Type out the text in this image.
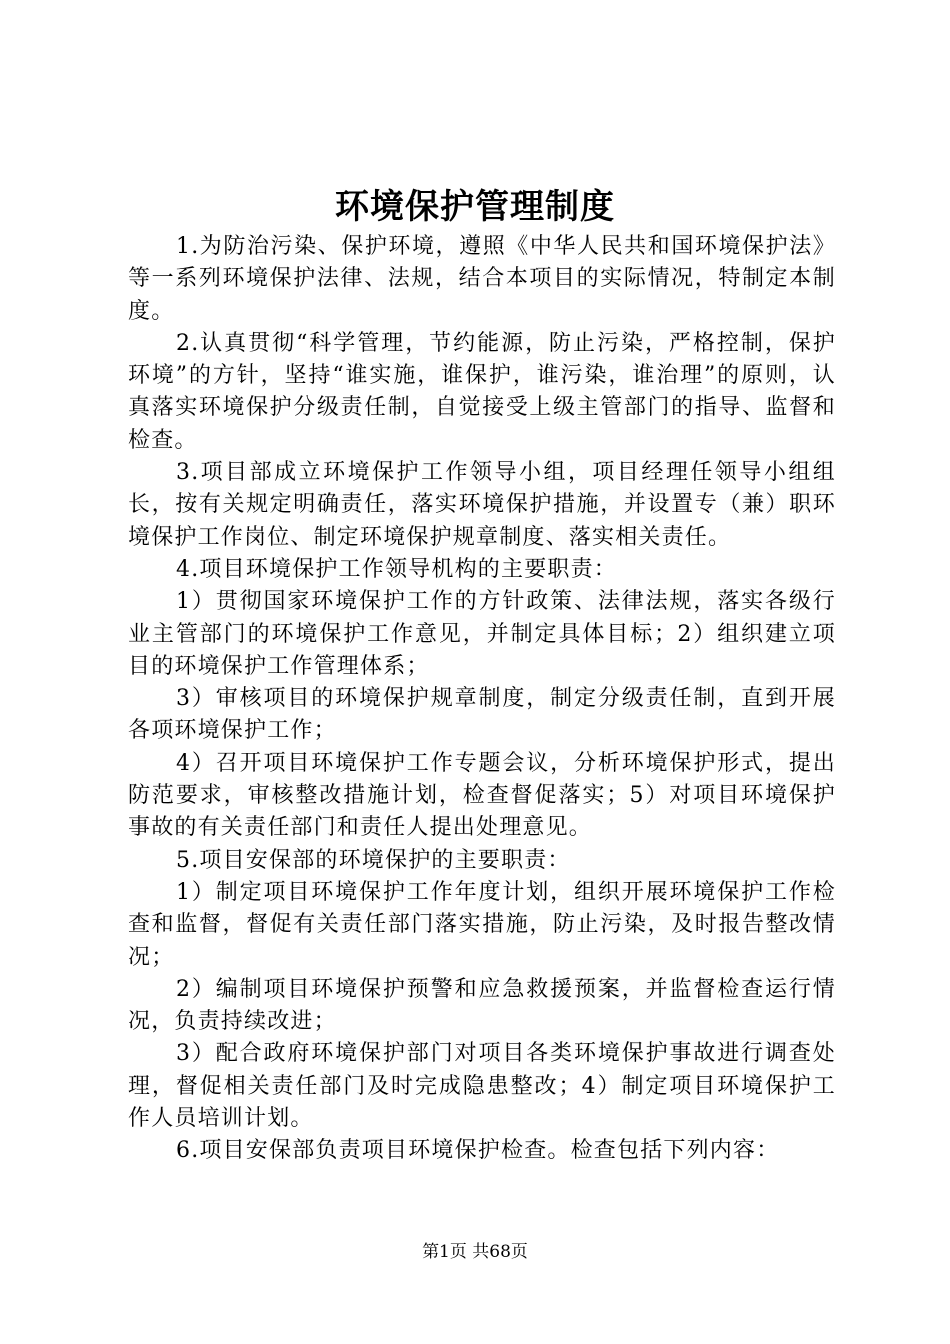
环境保护管理制度

1.为防治污染、保护环境，遵照《中华人民共和国环境保护法》等一系列环境保护法律、法规，结合本项目的实际情况，特制定本制度。

2.认真贯彻“科学管理，节约能源，防止污染，严格控制，保护环境”的方针，坚持“谁实施，谁保护，谁污染，谁治理”的原则，认真落实环境保护分级责任制，自觉接受上级主管部门的指导、监督和检查。

3.项目部成立环境保护工作领导小组，项目经理任领导小组组长，按有关规定明确责任，落实环境保护措施，并设置专（兼）职环境保护工作岗位、制定环境保护规章制度、落实相关责任。

4.项目环境保护工作领导机构的主要职责：

1）贯彻国家环境保护工作的方针政策、法律法规，落实各级行业主管部门的环境保护工作意见，并制定具体目标；2）组织建立项目的环境保护工作管理体系；

3）审核项目的环境保护规章制度，制定分级责任制，直到开展各项环境保护工作；

4）召开项目环境保护工作专题会议，分析环境保护形式，提出防范要求，审核整改措施计划，检查督促落实；5）对项目环境保护事故的有关责任部门和责任人提出处理意见。

5.项目安保部的环境保护的主要职责：

1）制定项目环境保护工作年度计划，组织开展环境保护工作检查和监督，督促有关责任部门落实措施，防止污染，及时报告整改情况；

2）编制项目环境保护预警和应急救援预案，并监督检查运行情况，负责持续改进；

3）配合政府环境保护部门对项目各类环境保护事故进行调查处理，督促相关责任部门及时完成隐患整改；4）制定项目环境保护工作人员培训计划。

6.项目安保部负责项目环境保护检查。检查包括下列内容：

第1页 共68页
